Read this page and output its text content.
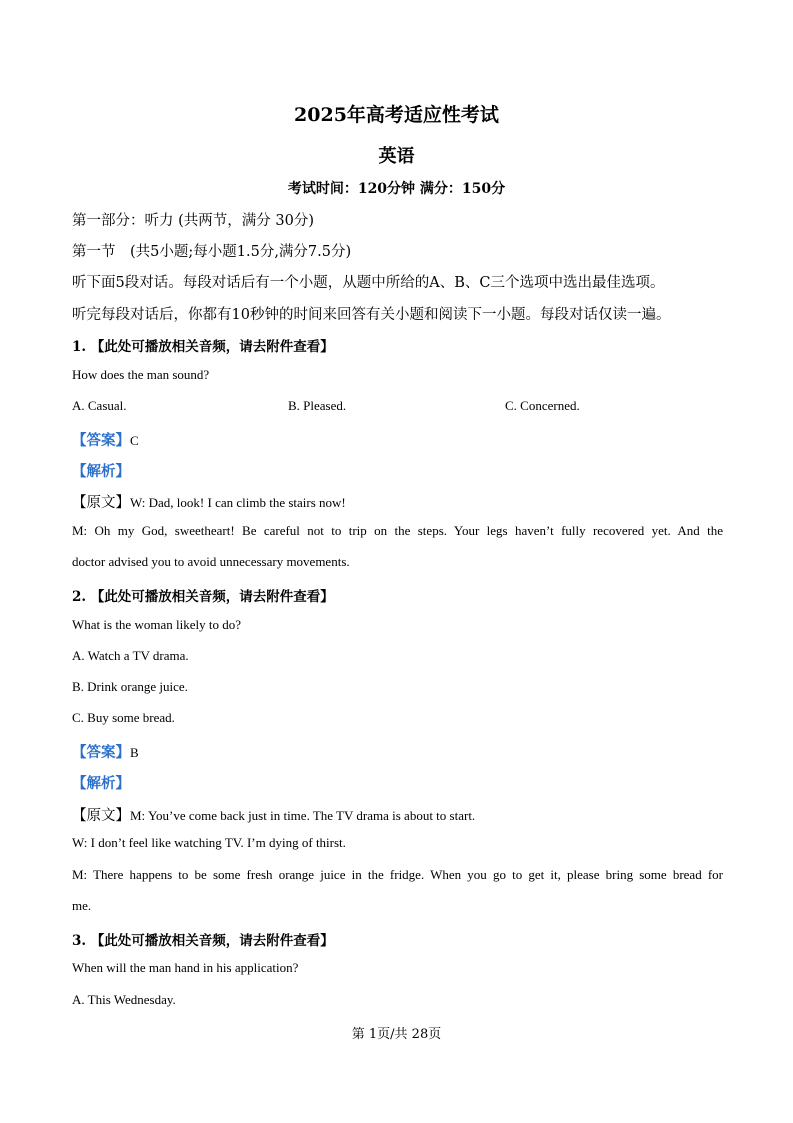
2025年高考适应性考试
英语
考试时间：120分钟 满分：150分
第一部分：听力 (共两节，满分 30分)
第一节　(共5小题;每小题1.5分,满分7.5分)
听下面5段对话。每段对话后有一个小题，从题中所给的A、B、C三个选项中选出最佳选项。
听完每段对话后，你都有10秒钟的时间来回答有关小题和阅读下一小题。每段对话仅读一遍。
1. 【此处可播放相关音频，请去附件查看】
How does the man sound?
A. Casual.	B. Pleased.	C. Concerned.
【答案】C
【解析】
【原文】W: Dad, look! I can climb the stairs now!
M: Oh my God, sweetheart! Be careful not to trip on the steps. Your legs haven’t fully recovered yet. And the
doctor advised you to avoid unnecessary movements.
2. 【此处可播放相关音频，请去附件查看】
What is the woman likely to do?
A. Watch a TV drama.
B. Drink orange juice.
C. Buy some bread.
【答案】B
【解析】
【原文】M: You’ve come back just in time. The TV drama is about to start.
W: I don’t feel like watching TV. I’m dying of thirst.
M: There happens to be some fresh orange juice in the fridge. When you go to get it, please bring some bread for
me.
3. 【此处可播放相关音频，请去附件查看】
When will the man hand in his application?
A. This Wednesday.
第 1页/共 28页
